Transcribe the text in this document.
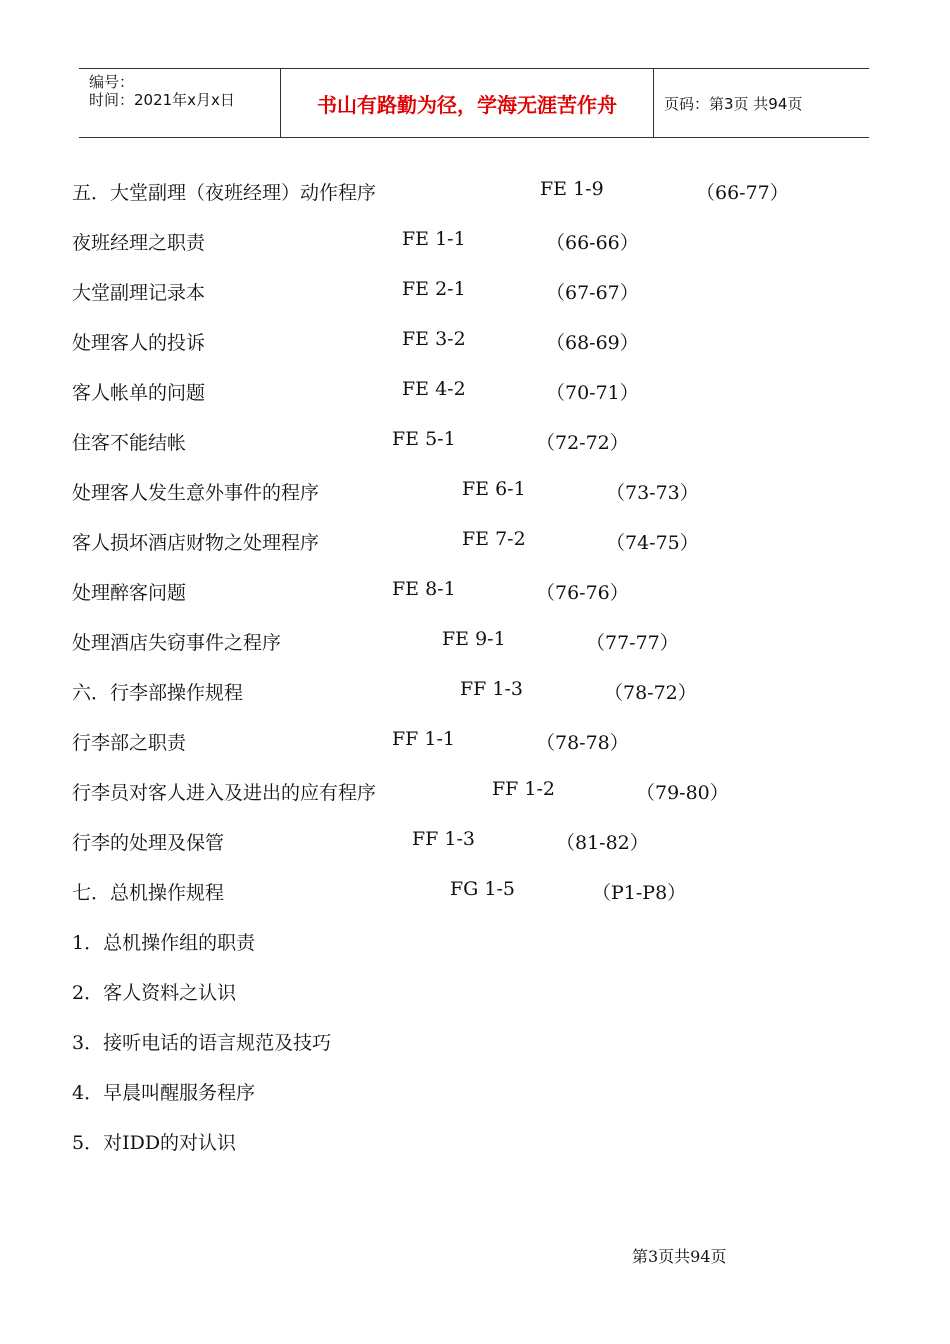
编号：
时间：2021年x月x日	书山有路勤为径，学海无涯苦作舟	页码：第3页 共94页
五．大堂副理（夜班经理）动作程序	FE 1-9	（66-77）
夜班经理之职责	FE 1-1	（66-66）
大堂副理记录本	FE 2-1	（67-67）
处理客人的投诉	FE 3-2	（68-69）
客人帐单的问题	FE 4-2	（70-71）
住客不能结帐	FE 5-1	（72-72）
处理客人发生意外事件的程序	FE 6-1	（73-73）
客人损坏酒店财物之处理程序	FE 7-2	（74-75）
处理醉客问题	FE 8-1	（76-76）
处理酒店失窃事件之程序	FE 9-1	（77-77）
六．行李部操作规程	FF 1-3	（78-72）
行李部之职责	FF 1-1	（78-78）
行李员对客人进入及进出的应有程序	FF 1-2	（79-80）
行李的处理及保管	FF 1-3	（81-82）
七．总机操作规程	FG 1-5	（P1-P8）
1．总机操作组的职责
2．客人资料之认识
3．接听电话的语言规范及技巧
4．早晨叫醒服务程序
5．对IDD的对认识
第3页共94页
